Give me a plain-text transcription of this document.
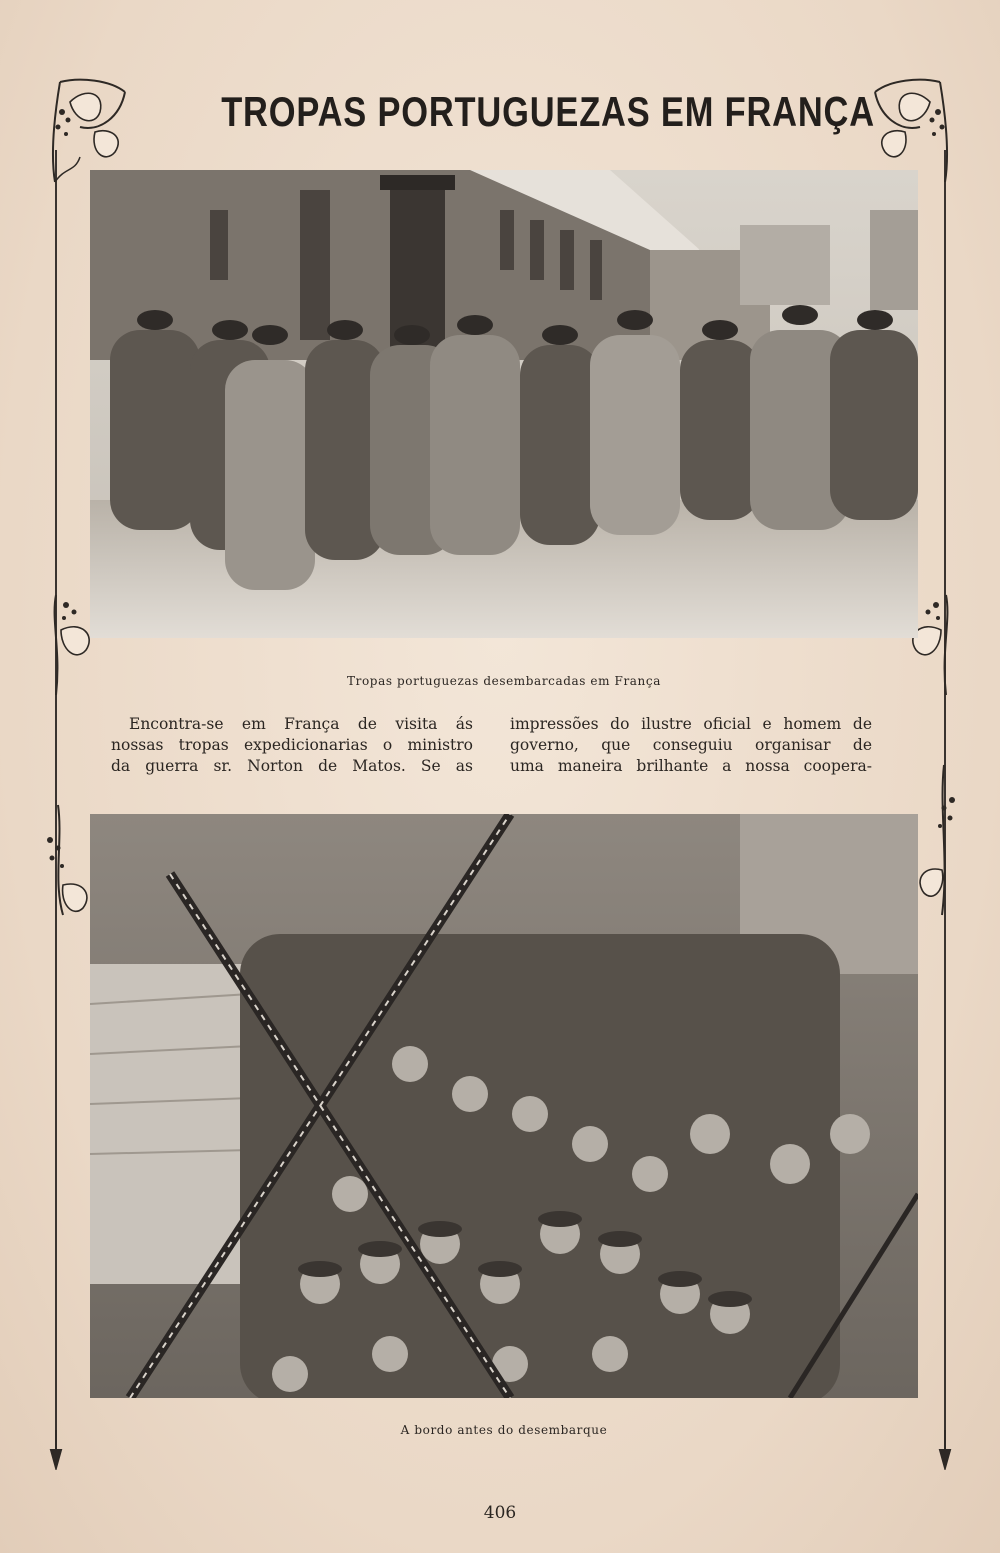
TROPAS PORTUGUEZAS EM FRANÇA
Tropas portuguezas desembarcadas em França
Encontra-se em França de visita ás
nossas tropas expedicionarias o ministro
da guerra sr. Norton de Matos. Se as
impressões do ilustre oficial e homem de
governo, que conseguiu organisar de
uma maneira brilhante a nossa coopera-
A bordo antes do desembarque
406
